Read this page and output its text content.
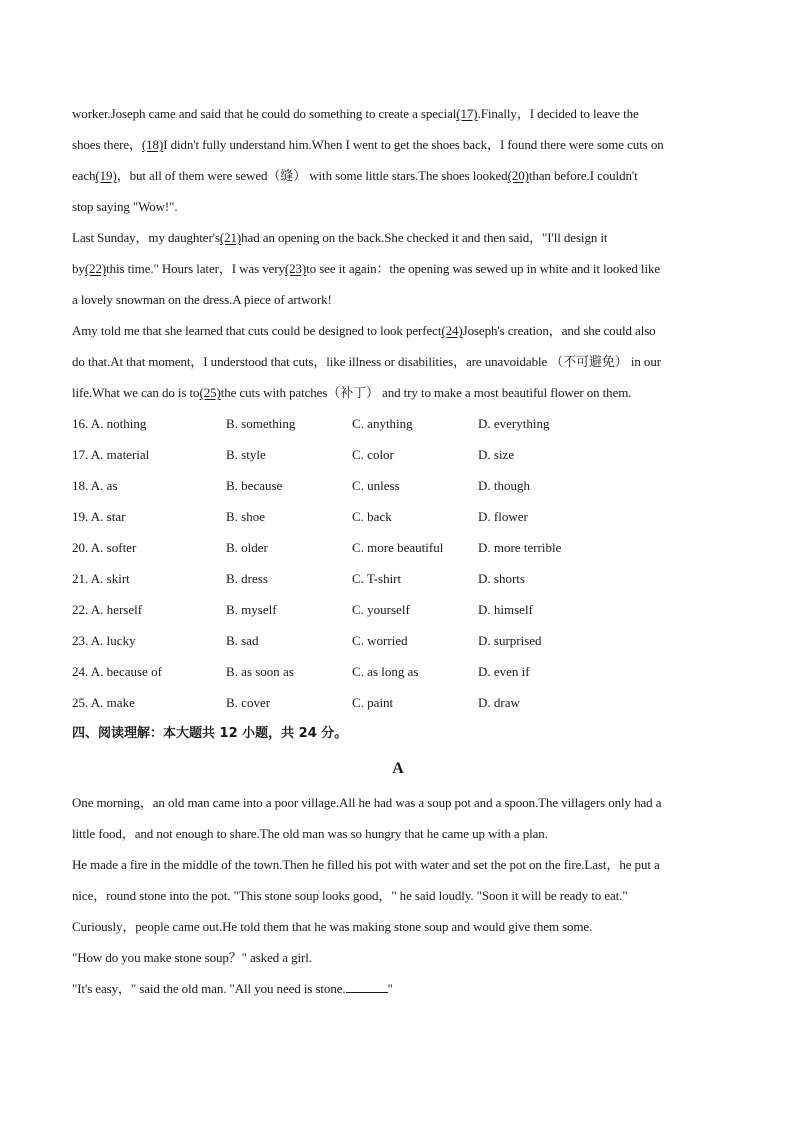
worker.Joseph came and said that he could do something to create a special(17).Finally，I decided to leave the
shoes there，(18)I didn't fully understand him.When I went to get the shoes back，I found there were some cuts on
each(19)，but all of them were sewed（缝） with some little stars.The shoes looked(20)than before.I couldn't
stop saying "Wow!".
Last Sunday，my daughter's(21)had an opening on the back.She checked it and then said，"I'll design it
by(22)this time." Hours later，I was very(23)to see it again：the opening was sewed up in white and it looked like
a lovely snowman on the dress.A piece of artwork!
Amy told me that she learned that cuts could be designed to look perfect(24)Joseph's creation，and she could also
do that.At that moment，I understood that cuts，like illness or disabilities，are unavoidable （不可避免） in our
life.What we can do is to(25)the cuts with patches（补丁） and try to make a most beautiful flower on them.
16. A. nothing	B. something	C. anything	D. everything
17. A. material	B. style	C. color	D. size
18. A. as	B. because	C. unless	D. though
19. A. star	B. shoe	C. back	D. flower
20. A. softer	B. older	C. more beautiful	D. more terrible
21. A. skirt	B. dress	C. T-shirt	D. shorts
22. A. herself	B. myself	C. yourself	D. himself
23. A. lucky	B. sad	C. worried	D. surprised
24. A. because of	B. as soon as	C. as long as	D. even if
25. A. make	B. cover	C. paint	D. draw
四、阅读理解：本大题共 12 小题，共 24 分。
A
One morning，an old man came into a poor village.All he had was a soup pot and a spoon.The villagers only had a
little food，and not enough to share.The old man was so hungry that he came up with a plan.
He made a fire in the middle of the town.Then he filled his pot with water and set the pot on the fire.Last，he put a
nice，round stone into the pot. "This stone soup looks good，" he said loudly. "Soon it will be ready to eat."
Curiously，people came out.He told them that he was making stone soup and would give them some.
"How do you make stone soup？" asked a girl.
"It's easy，" said the old man. "All you need is stone.	"
